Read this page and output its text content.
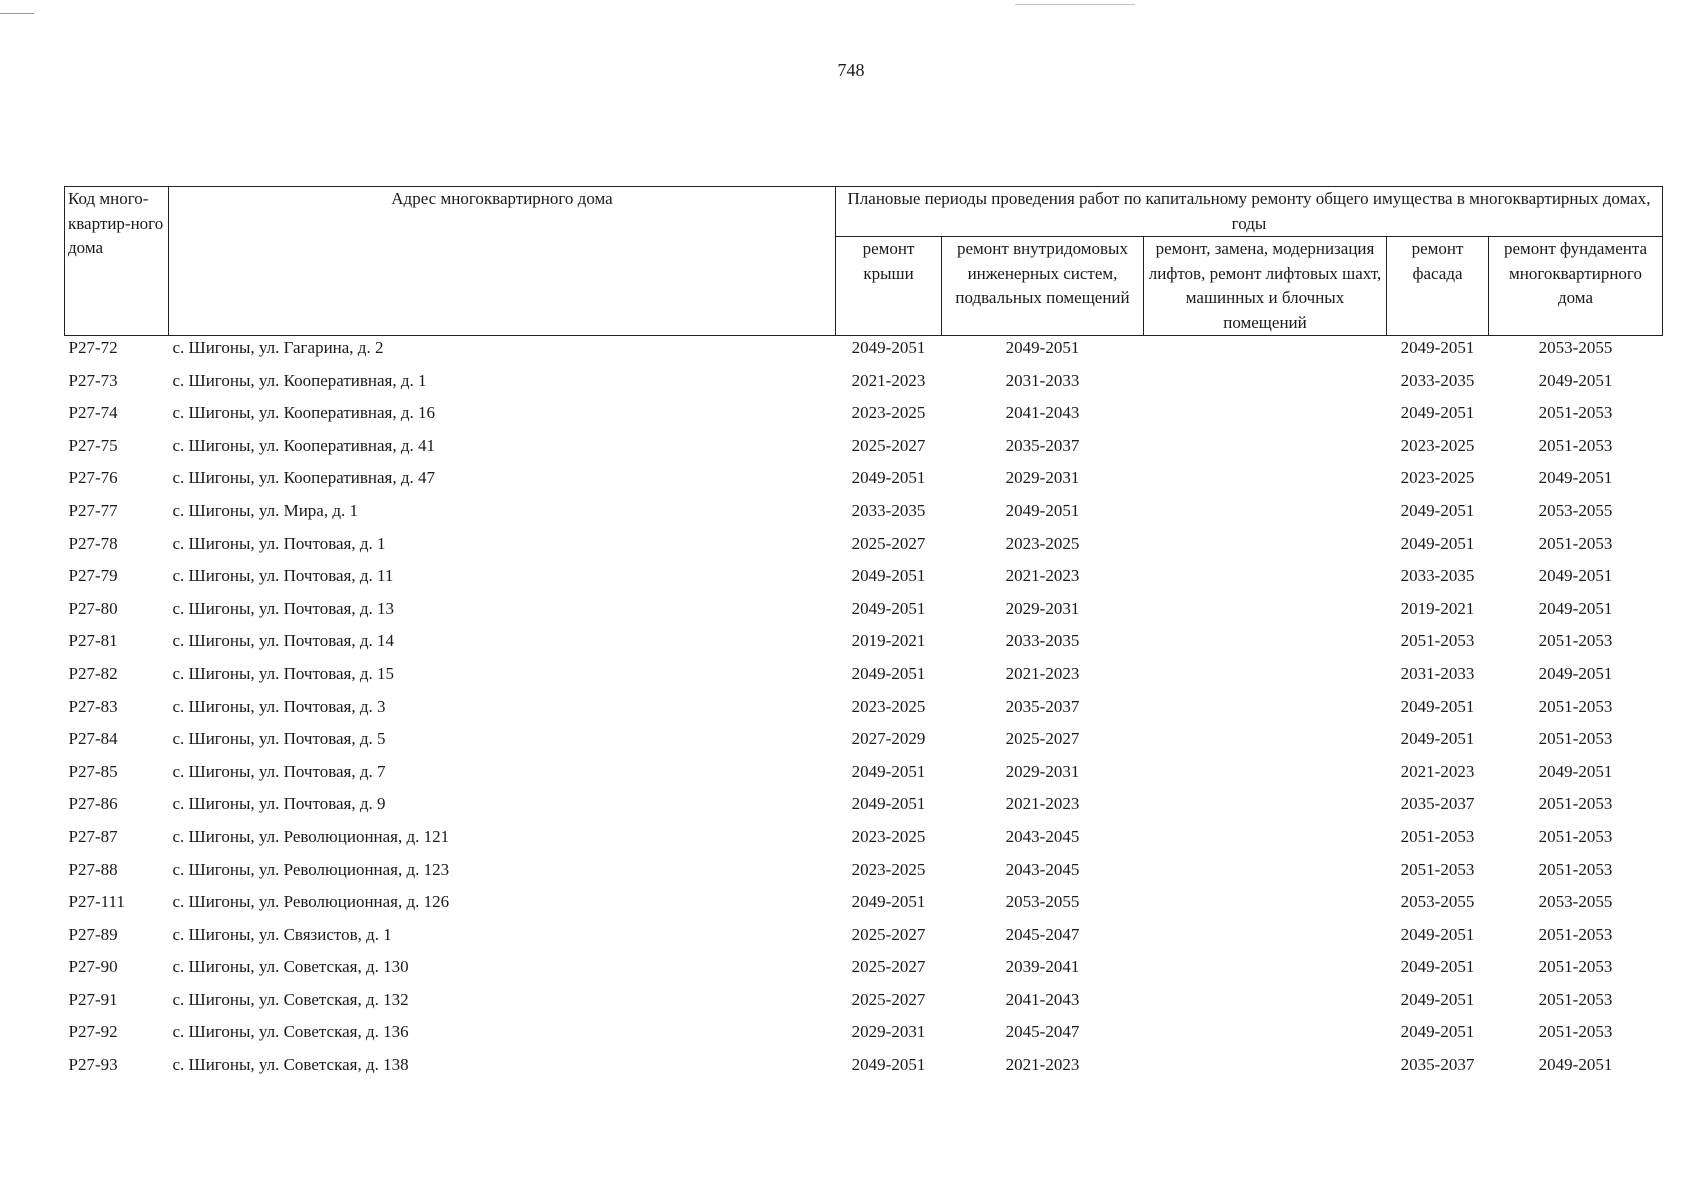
748
Код много-квартир-ного дома	Адрес многоквартирного дома	Плановые периоды проведения работ по капитальному ремонту общего имущества в многоквартирных домах, годы				
		ремонт крыши	ремонт внутридомовых инженерных систем, подвальных помещений	ремонт, замена, модернизация лифтов, ремонт лифтовых шахт, машинных и блочных помещений	ремонт фасада	ремонт фундамента многоквартирного дома
Р27-72	с. Шигоны, ул. Гагарина, д. 2	2049-2051	2049-2051		2049-2051	2053-2055
Р27-73	с. Шигоны, ул. Кооперативная, д. 1	2021-2023	2031-2033		2033-2035	2049-2051
Р27-74	с. Шигоны, ул. Кооперативная, д. 16	2023-2025	2041-2043		2049-2051	2051-2053
Р27-75	с. Шигоны, ул. Кооперативная, д. 41	2025-2027	2035-2037		2023-2025	2051-2053
Р27-76	с. Шигоны, ул. Кооперативная, д. 47	2049-2051	2029-2031		2023-2025	2049-2051
Р27-77	с. Шигоны, ул. Мира, д. 1	2033-2035	2049-2051		2049-2051	2053-2055
Р27-78	с. Шигоны, ул. Почтовая, д. 1	2025-2027	2023-2025		2049-2051	2051-2053
Р27-79	с. Шигоны, ул. Почтовая, д. 11	2049-2051	2021-2023		2033-2035	2049-2051
Р27-80	с. Шигоны, ул. Почтовая, д. 13	2049-2051	2029-2031		2019-2021	2049-2051
Р27-81	с. Шигоны, ул. Почтовая, д. 14	2019-2021	2033-2035		2051-2053	2051-2053
Р27-82	с. Шигоны, ул. Почтовая, д. 15	2049-2051	2021-2023		2031-2033	2049-2051
Р27-83	с. Шигоны, ул. Почтовая, д. 3	2023-2025	2035-2037		2049-2051	2051-2053
Р27-84	с. Шигоны, ул. Почтовая, д. 5	2027-2029	2025-2027		2049-2051	2051-2053
Р27-85	с. Шигоны, ул. Почтовая, д. 7	2049-2051	2029-2031		2021-2023	2049-2051
Р27-86	с. Шигоны, ул. Почтовая, д. 9	2049-2051	2021-2023		2035-2037	2051-2053
Р27-87	с. Шигоны, ул. Революционная, д. 121	2023-2025	2043-2045		2051-2053	2051-2053
Р27-88	с. Шигоны, ул. Революционная, д. 123	2023-2025	2043-2045		2051-2053	2051-2053
Р27-111	с. Шигоны, ул. Революционная, д. 126	2049-2051	2053-2055		2053-2055	2053-2055
Р27-89	с. Шигоны, ул. Связистов, д. 1	2025-2027	2045-2047		2049-2051	2051-2053
Р27-90	с. Шигоны, ул. Советская, д. 130	2025-2027	2039-2041		2049-2051	2051-2053
Р27-91	с. Шигоны, ул. Советская, д. 132	2025-2027	2041-2043		2049-2051	2051-2053
Р27-92	с. Шигоны, ул. Советская, д. 136	2029-2031	2045-2047		2049-2051	2051-2053
Р27-93	с. Шигоны, ул. Советская, д. 138	2049-2051	2021-2023		2035-2037	2049-2051
